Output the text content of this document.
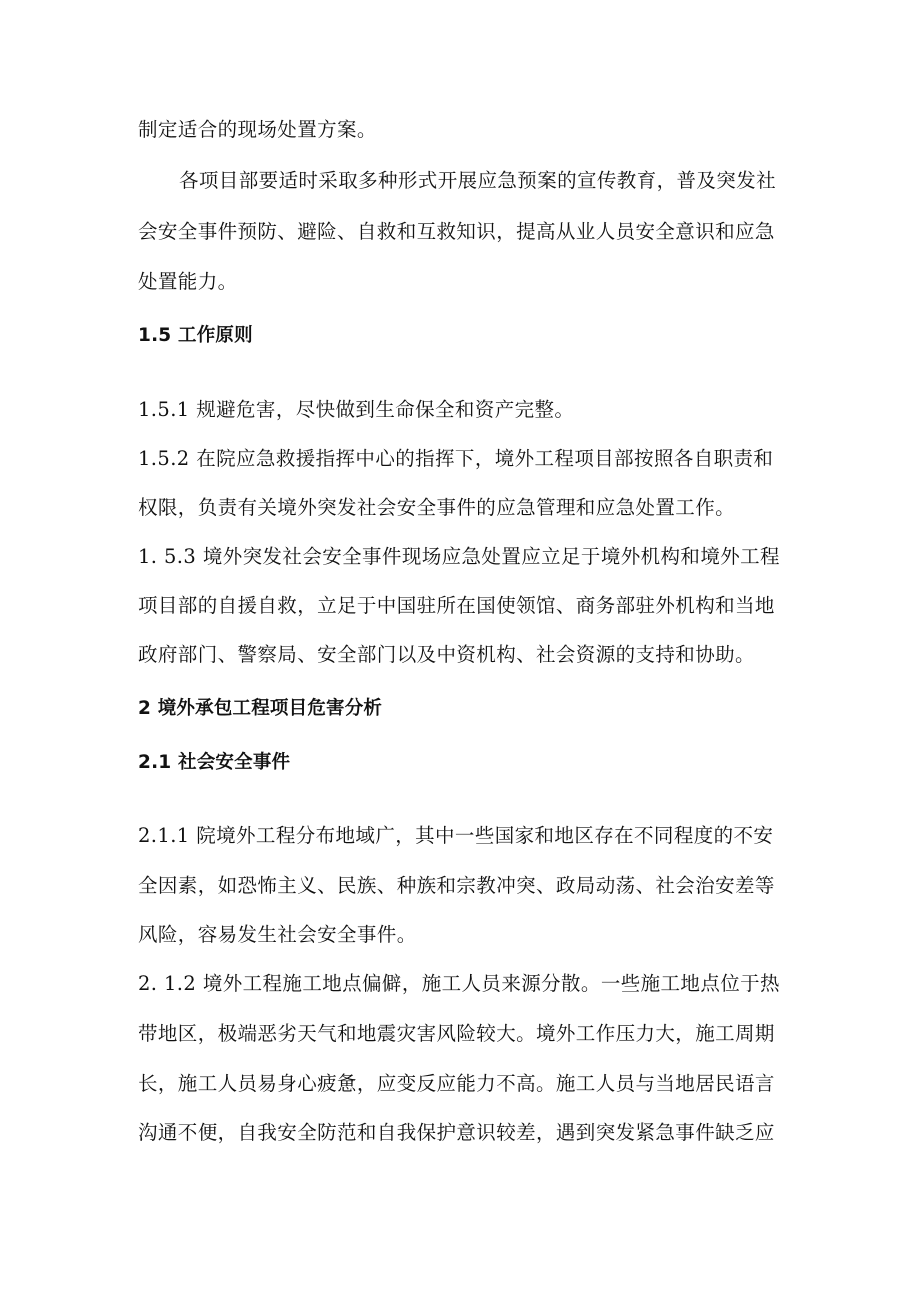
制定适合的现场处置方案。
各项目部要适时采取多种形式开展应急预案的宣传教育，普及突发社
会安全事件预防、避险、自救和互救知识，提高从业人员安全意识和应急
处置能力。
1.5 工作原则
1.5.1 规避危害，尽快做到生命保全和资产完整。
1.5.2 在院应急救援指挥中心的指挥下，境外工程项目部按照各自职责和
权限，负责有关境外突发社会安全事件的应急管理和应急处置工作。
1. 5.3 境外突发社会安全事件现场应急处置应立足于境外机构和境外工程
项目部的自援自救，立足于中国驻所在国使领馆、商务部驻外机构和当地
政府部门、警察局、安全部门以及中资机构、社会资源的支持和协助。
2 境外承包工程项目危害分析
2.1 社会安全事件
2.1.1 院境外工程分布地域广，其中一些国家和地区存在不同程度的不安
全因素，如恐怖主义、民族、种族和宗教冲突、政局动荡、社会治安差等
风险，容易发生社会安全事件。
2. 1.2 境外工程施工地点偏僻，施工人员来源分散。一些施工地点位于热
带地区，极端恶劣天气和地震灾害风险较大。境外工作压力大，施工周期
长，施工人员易身心疲惫，应变反应能力不高。施工人员与当地居民语言
沟通不便，自我安全防范和自我保护意识较差，遇到突发紧急事件缺乏应
